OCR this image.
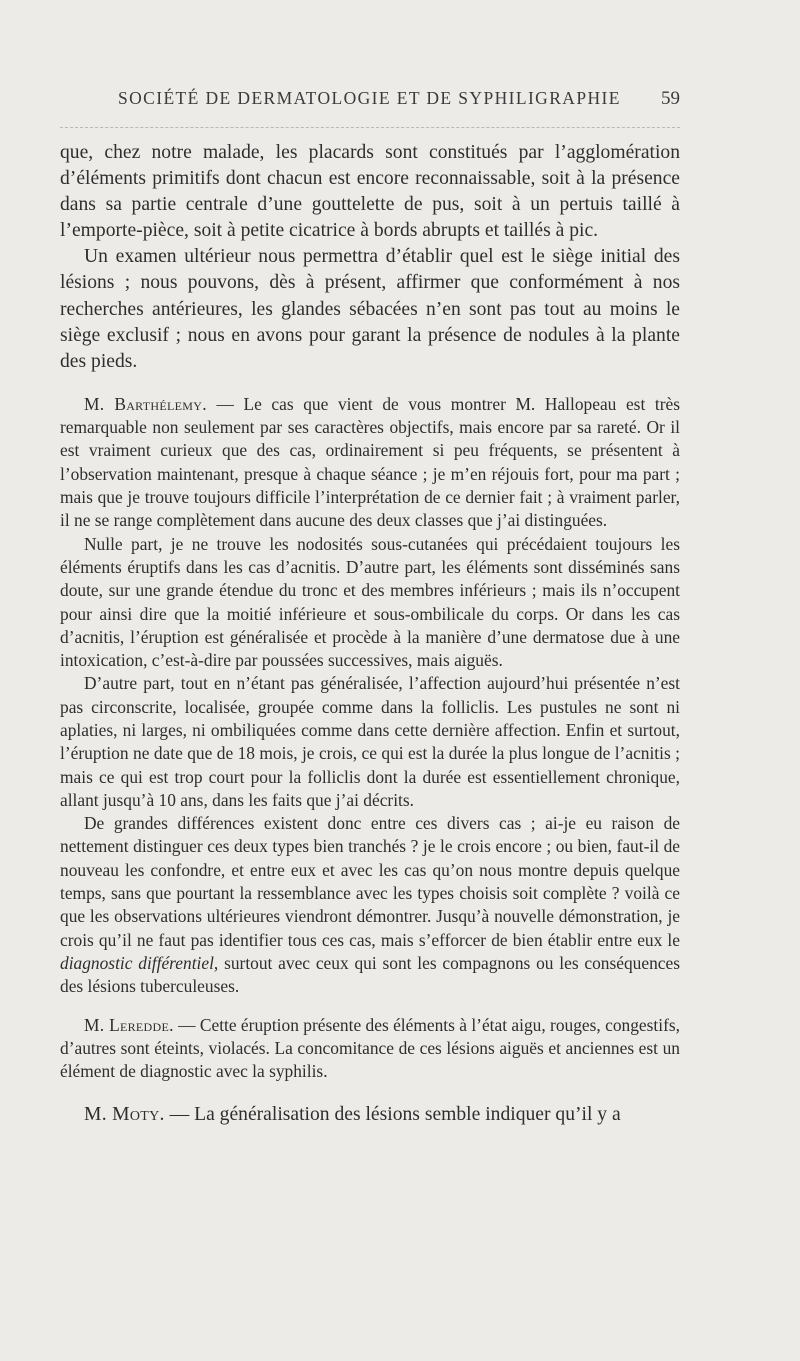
SOCIÉTÉ DE DERMATOLOGIE ET DE SYPHILIGRAPHIE 59

que, chez notre malade, les placards sont constitués par l’agglomération d’éléments primitifs dont chacun est encore reconnaissable, soit à la présence dans sa partie centrale d’une gouttelette de pus, soit à un pertuis taillé à l’emporte-pièce, soit à petite cicatrice à bords abrupts et taillés à pic.

Un examen ultérieur nous permettra d’établir quel est le siège initial des lésions ; nous pouvons, dès à présent, affirmer que conformément à nos recherches antérieures, les glandes sébacées n’en sont pas tout au moins le siège exclusif ; nous en avons pour garant la présence de nodules à la plante des pieds.

M. Barthélemy. — Le cas que vient de vous montrer M. Hallopeau est très remarquable non seulement par ses caractères objectifs, mais encore par sa rareté. Or il est vraiment curieux que des cas, ordinairement si peu fréquents, se présentent à l’observation maintenant, presque à chaque séance ; je m’en réjouis fort, pour ma part ; mais que je trouve toujours difficile l’interprétation de ce dernier fait ; à vraiment parler, il ne se range complètement dans aucune des deux classes que j’ai distinguées.

Nulle part, je ne trouve les nodosités sous-cutanées qui précédaient toujours les éléments éruptifs dans les cas d’acnitis. D’autre part, les éléments sont disséminés sans doute, sur une grande étendue du tronc et des membres inférieurs ; mais ils n’occupent pour ainsi dire que la moitié inférieure et sous-ombilicale du corps. Or dans les cas d’acnitis, l’éruption est généralisée et procède à la manière d’une dermatose due à une intoxication, c’est-à-dire par poussées successives, mais aiguës.

D’autre part, tout en n’étant pas généralisée, l’affection aujourd’hui présentée n’est pas circonscrite, localisée, groupée comme dans la folliclis. Les pustules ne sont ni aplaties, ni larges, ni ombiliquées comme dans cette dernière affection. Enfin et surtout, l’éruption ne date que de 18 mois, je crois, ce qui est la durée la plus longue de l’acnitis ; mais ce qui est trop court pour la folliclis dont la durée est essentiellement chronique, allant jusqu’à 10 ans, dans les faits que j’ai décrits.

De grandes différences existent donc entre ces divers cas ; ai-je eu raison de nettement distinguer ces deux types bien tranchés ? je le crois encore ; ou bien, faut-il de nouveau les confondre, et entre eux et avec les cas qu’on nous montre depuis quelque temps, sans que pourtant la ressemblance avec les types choisis soit complète ? voilà ce que les observations ultérieures viendront démontrer. Jusqu’à nouvelle démonstration, je crois qu’il ne faut pas identifier tous ces cas, mais s’efforcer de bien établir entre eux le diagnostic différentiel, surtout avec ceux qui sont les compagnons ou les conséquences des lésions tuberculeuses.

M. Leredde. — Cette éruption présente des éléments à l’état aigu, rouges, congestifs, d’autres sont éteints, violacés. La concomitance de ces lésions aiguës et anciennes est un élément de diagnostic avec la syphilis.

M. Moty. — La généralisation des lésions semble indiquer qu’il y a
